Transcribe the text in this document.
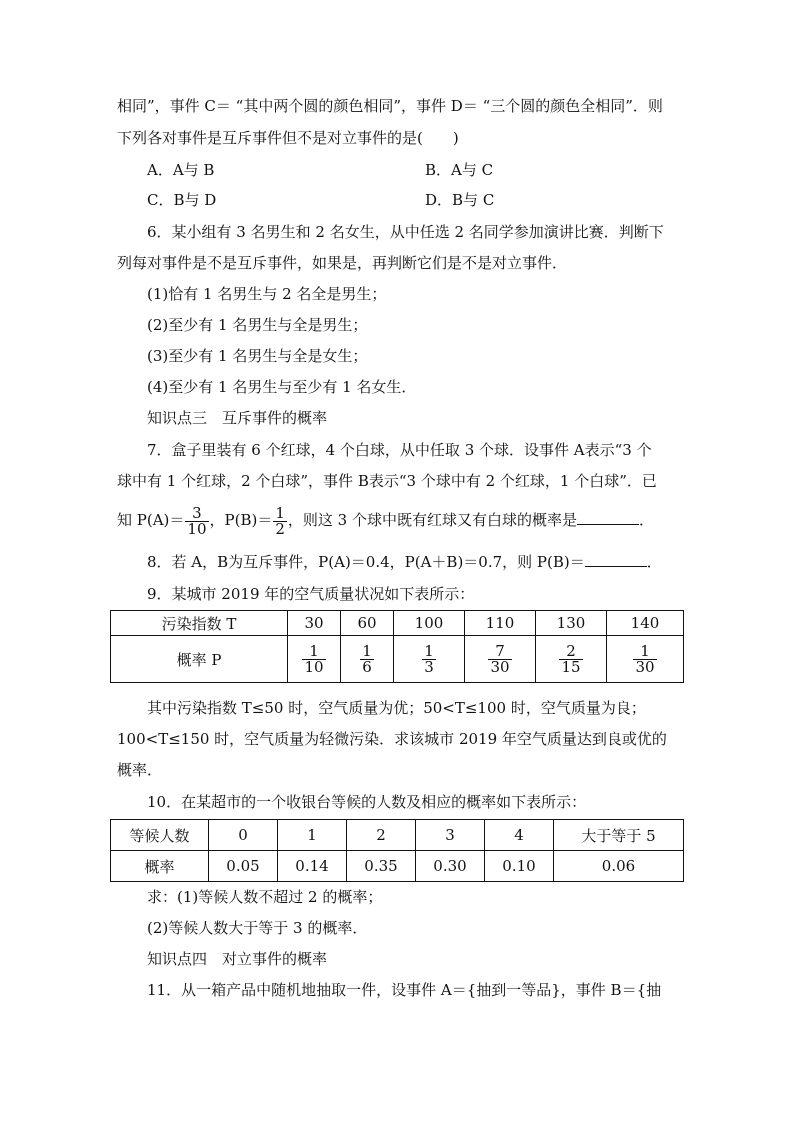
相同”，事件 C＝ “其中两个圆的颜色相同”，事件 D＝ “三个圆的颜色全相同”．则
下列各对事件是互斥事件但不是对立事件的是(　　)
A．A与 B	B．A与 C
C．B与 D	D．B与 C
6．某小组有 3 名男生和 2 名女生，从中任选 2 名同学参加演讲比赛．判断下
列每对事件是不是互斥事件，如果是，再判断它们是不是对立事件．
(1)恰有 1 名男生与 2 名全是男生；
(2)至少有 1 名男生与全是男生；
(3)至少有 1 名男生与全是女生；
(4)至少有 1 名男生与至少有 1 名女生．
知识点三　互斥事件的概率
7．盒子里装有 6 个红球，4 个白球，从中任取 3 个球．设事件 A表示“3 个
球中有 1 个红球，2 个白球”，事件 B表示“3 个球中有 2 个红球，1 个白球”．已
知 $P(A)= \frac{3}{10}$ ，$P(B)= \frac{1}{2}$ ，则这 3 个球中既有红球又有白球的概率是	．
8．若 A，B为互斥事件，P(A)＝0.4，P(A＋B)＝0.7，则 P(B)＝	．
9．某城市 2019 年的空气质量状况如下表所示：
污染指数 T	30	60	100	110	130	140
概率 P	$\frac{1}{10}$	$\frac{1}{6}$	$\frac{1}{3}$	$\frac{7}{30}$	$\frac{2}{15}$	$\frac{1}{30}$
其中污染指数 T≤50 时，空气质量为优；50<T≤100 时，空气质量为良；
100<T≤150 时，空气质量为轻微污染．求该城市 2019 年空气质量达到良或优的
概率．
10．在某超市的一个收银台等候的人数及相应的概率如下表所示：
等候人数	0	1	2	3	4	大于等于 5
概率	0.05	0.14	0.35	0.30	0.10	0.06
求：(1)等候人数不超过 2 的概率；
(2)等候人数大于等于 3 的概率．
知识点四　对立事件的概率
11．从一箱产品中随机地抽取一件，设事件 A＝{抽到一等品}，事件 B＝{抽
